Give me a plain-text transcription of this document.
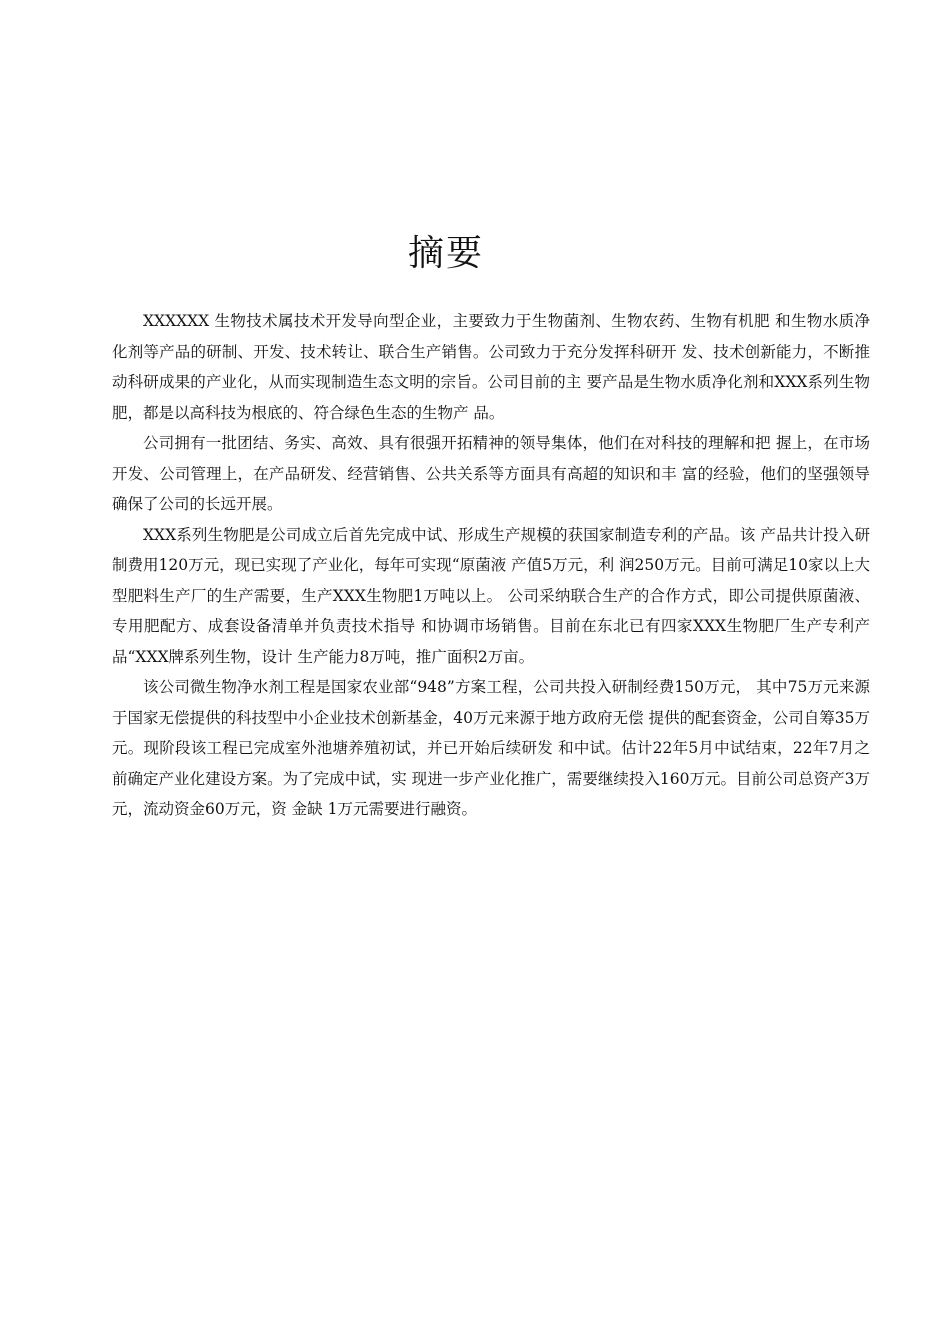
摘要

XXXXXX 生物技术属技术开发导向型企业，主要致力于生物菌剂、生物农药、生物有机肥 和生物水质净化剂等产品的研制、开发、技术转让、联合生产销售。公司致力于充分发挥科研开 发、技术创新能力，不断推动科研成果的产业化，从而实现制造生态文明的宗旨。公司目前的主 要产品是生物水质净化剂和XXX系列生物肥，都是以高科技为根底的、符合绿色生态的生物产 品。

公司拥有一批团结、务实、高效、具有很强开拓精神的领导集体，他们在对科技的理解和把 握上，在市场开发、公司管理上，在产品研发、经营销售、公共关系等方面具有高超的知识和丰 富的经验，他们的坚强领导确保了公司的长远开展。

XXX系列生物肥是公司成立后首先完成中试、形成生产规模的获国家制造专利的产品。该 产品共计投入研制费用120万元，现已实现了产业化，每年可实现“原菌液 产值5万元，利 润250万元。目前可满足10家以上大型肥料生产厂的生产需要，生产XXX生物肥1万吨以上。 公司采纳联合生产的合作方式，即公司提供原菌液、专用肥配方、成套设备清单并负责技术指导 和协调市场销售。目前在东北已有四家XXX生物肥厂生产专利产品“XXX牌系列生物，设计 生产能力8万吨，推广面积2万亩。

该公司微生物净水剂工程是国家农业部“948”方案工程，公司共投入研制经费150万元， 其中75万元来源于国家无偿提供的科技型中小企业技术创新基金，40万元来源于地方政府无偿 提供的配套资金，公司自筹35万元。现阶段该工程已完成室外池塘养殖初试，并已开始后续研发 和中试。估计22年5月中试结束，22年7月之前确定产业化建设方案。为了完成中试，实 现进一步产业化推广，需要继续投入160万元。目前公司总资产3万元，流动资金60万元，资 金缺 1万元需要进行融资。
